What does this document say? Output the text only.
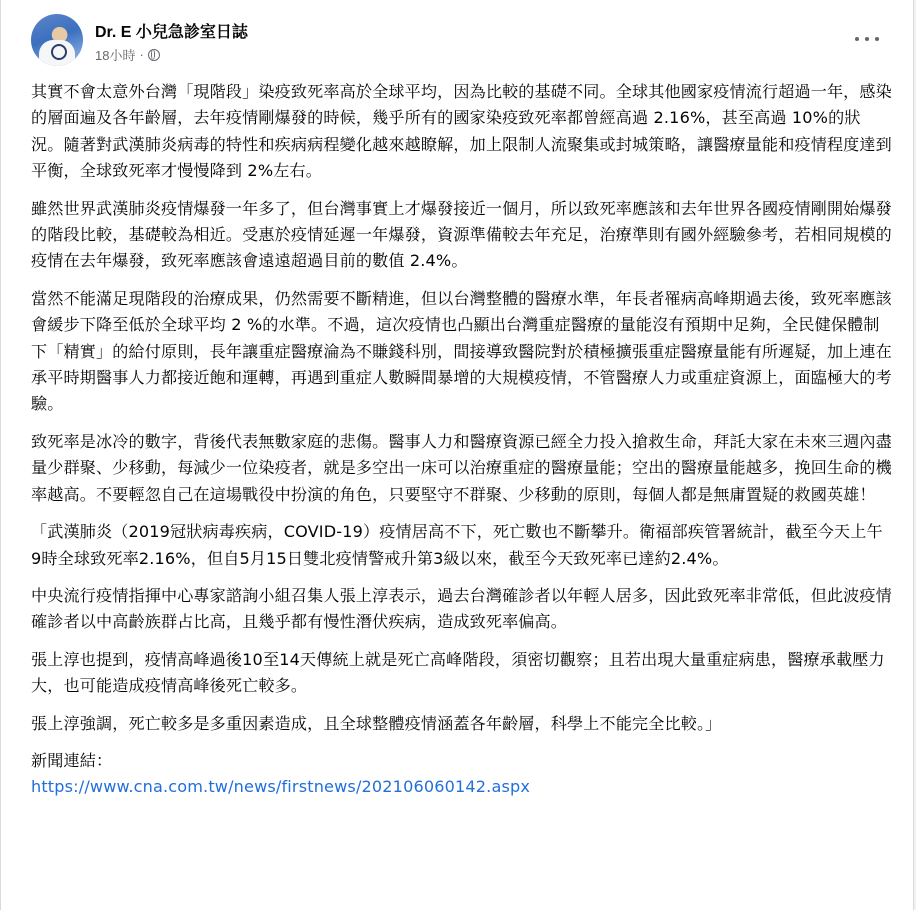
Dr. E 小兒急診室日誌
18小時 ·

其實不會太意外台灣「現階段」染疫致死率高於全球平均，因為比較的基礎不同。全球其他國家疫情流行超過一年，感染的層面遍及各年齡層，去年疫情剛爆發的時候，幾乎所有的國家染疫致死率都曾經高過 2.16%，甚至高過 10%的狀況。隨著對武漢肺炎病毒的特性和疾病病程變化越來越瞭解，加上限制人流聚集或封城策略，讓醫療量能和疫情程度達到平衡，全球致死率才慢慢降到 2%左右。

雖然世界武漢肺炎疫情爆發一年多了，但台灣事實上才爆發接近一個月，所以致死率應該和去年世界各國疫情剛開始爆發的階段比較，基礎較為相近。受惠於疫情延遲一年爆發，資源準備較去年充足，治療準則有國外經驗參考，若相同規模的疫情在去年爆發，致死率應該會遠遠超過目前的數值 2.4%。

當然不能滿足現階段的治療成果，仍然需要不斷精進，但以台灣整體的醫療水準，年長者罹病高峰期過去後，致死率應該會緩步下降至低於全球平均 2 %的水準。不過，這次疫情也凸顯出台灣重症醫療的量能沒有預期中足夠，全民健保體制下「精實」的給付原則，長年讓重症醫療淪為不賺錢科別，間接導致醫院對於積極擴張重症醫療量能有所遲疑，加上連在承平時期醫事人力都接近飽和運轉，再遇到重症人數瞬間暴增的大規模疫情，不管醫療人力或重症資源上，面臨極大的考驗。

致死率是冰冷的數字，背後代表無數家庭的悲傷。醫事人力和醫療資源已經全力投入搶救生命，拜託大家在未來三週內盡量少群聚、少移動，每減少一位染疫者，就是多空出一床可以治療重症的醫療量能；空出的醫療量能越多，挽回生命的機率越高。不要輕忽自己在這場戰役中扮演的角色，只要堅守不群聚、少移動的原則，每個人都是無庸置疑的救國英雄！

「武漢肺炎（2019冠狀病毒疾病，COVID-19）疫情居高不下，死亡數也不斷攀升。衛福部疾管署統計，截至今天上午9時全球致死率2.16%，但自5月15日雙北疫情警戒升第3級以來，截至今天致死率已達約2.4%。

中央流行疫情指揮中心專家諮詢小組召集人張上淳表示，過去台灣確診者以年輕人居多，因此致死率非常低，但此波疫情確診者以中高齡族群占比高，且幾乎都有慢性潛伏疾病，造成致死率偏高。

張上淳也提到，疫情高峰過後10至14天傳統上就是死亡高峰階段，須密切觀察；且若出現大量重症病患，醫療承載壓力大，也可能造成疫情高峰後死亡較多。

張上淳強調，死亡較多是多重因素造成，且全球整體疫情涵蓋各年齡層，科學上不能完全比較。」

新聞連結：

https://www.cna.com.tw/news/firstnews/202106060142.aspx
